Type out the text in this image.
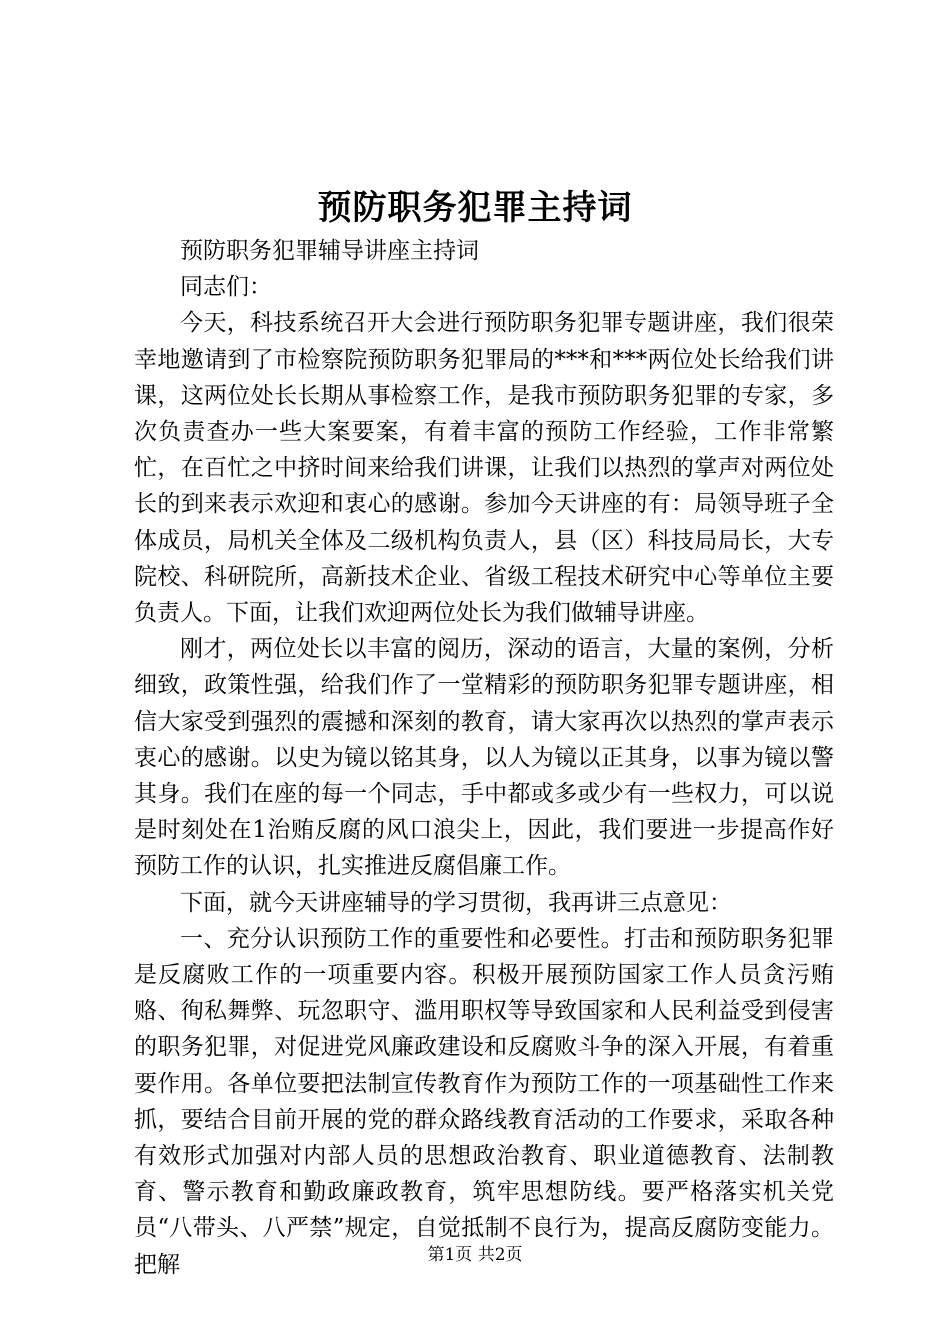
预防职务犯罪主持词

预防职务犯罪辅导讲座主持词

同志们：

今天，科技系统召开大会进行预防职务犯罪专题讲座，我们很荣幸地邀请到了市检察院预防职务犯罪局的***和***两位处长给我们讲课，这两位处长长期从事检察工作，是我市预防职务犯罪的专家，多次负责查办一些大案要案，有着丰富的预防工作经验，工作非常繁忙，在百忙之中挤时间来给我们讲课，让我们以热烈的掌声对两位处长的到来表示欢迎和衷心的感谢。参加今天讲座的有：局领导班子全体成员，局机关全体及二级机构负责人，县（区）科技局局长，大专院校、科研院所，高新技术企业、省级工程技术研究中心等单位主要负责人。下面，让我们欢迎两位处长为我们做辅导讲座。

刚才，两位处长以丰富的阅历，深动的语言，大量的案例，分析细致，政策性强，给我们作了一堂精彩的预防职务犯罪专题讲座，相信大家受到强烈的震撼和深刻的教育，请大家再次以热烈的掌声表示衷心的感谢。以史为镜以铭其身，以人为镜以正其身，以事为镜以警其身。我们在座的每一个同志，手中都或多或少有一些权力，可以说是时刻处在1治贿反腐的风口浪尖上，因此，我们要进一步提高作好预防工作的认识，扎实推进反腐倡廉工作。

下面，就今天讲座辅导的学习贯彻，我再讲三点意见：

一、充分认识预防工作的重要性和必要性。打击和预防职务犯罪是反腐败工作的一项重要内容。积极开展预防国家工作人员贪污贿赂、徇私舞弊、玩忽职守、滥用职权等导致国家和人民利益受到侵害的职务犯罪，对促进党风廉政建设和反腐败斗争的深入开展，有着重要作用。各单位要把法制宣传教育作为预防工作的一项基础性工作来抓，要结合目前开展的党的群众路线教育活动的工作要求，采取各种有效形式加强对内部人员的思想政治教育、职业道德教育、法制教育、警示教育和勤政廉政教育，筑牢思想防线。要严格落实机关党员“八带头、八严禁”规定，自觉抵制不良行为，提高反腐防变能力。把解	第1页 共2页
